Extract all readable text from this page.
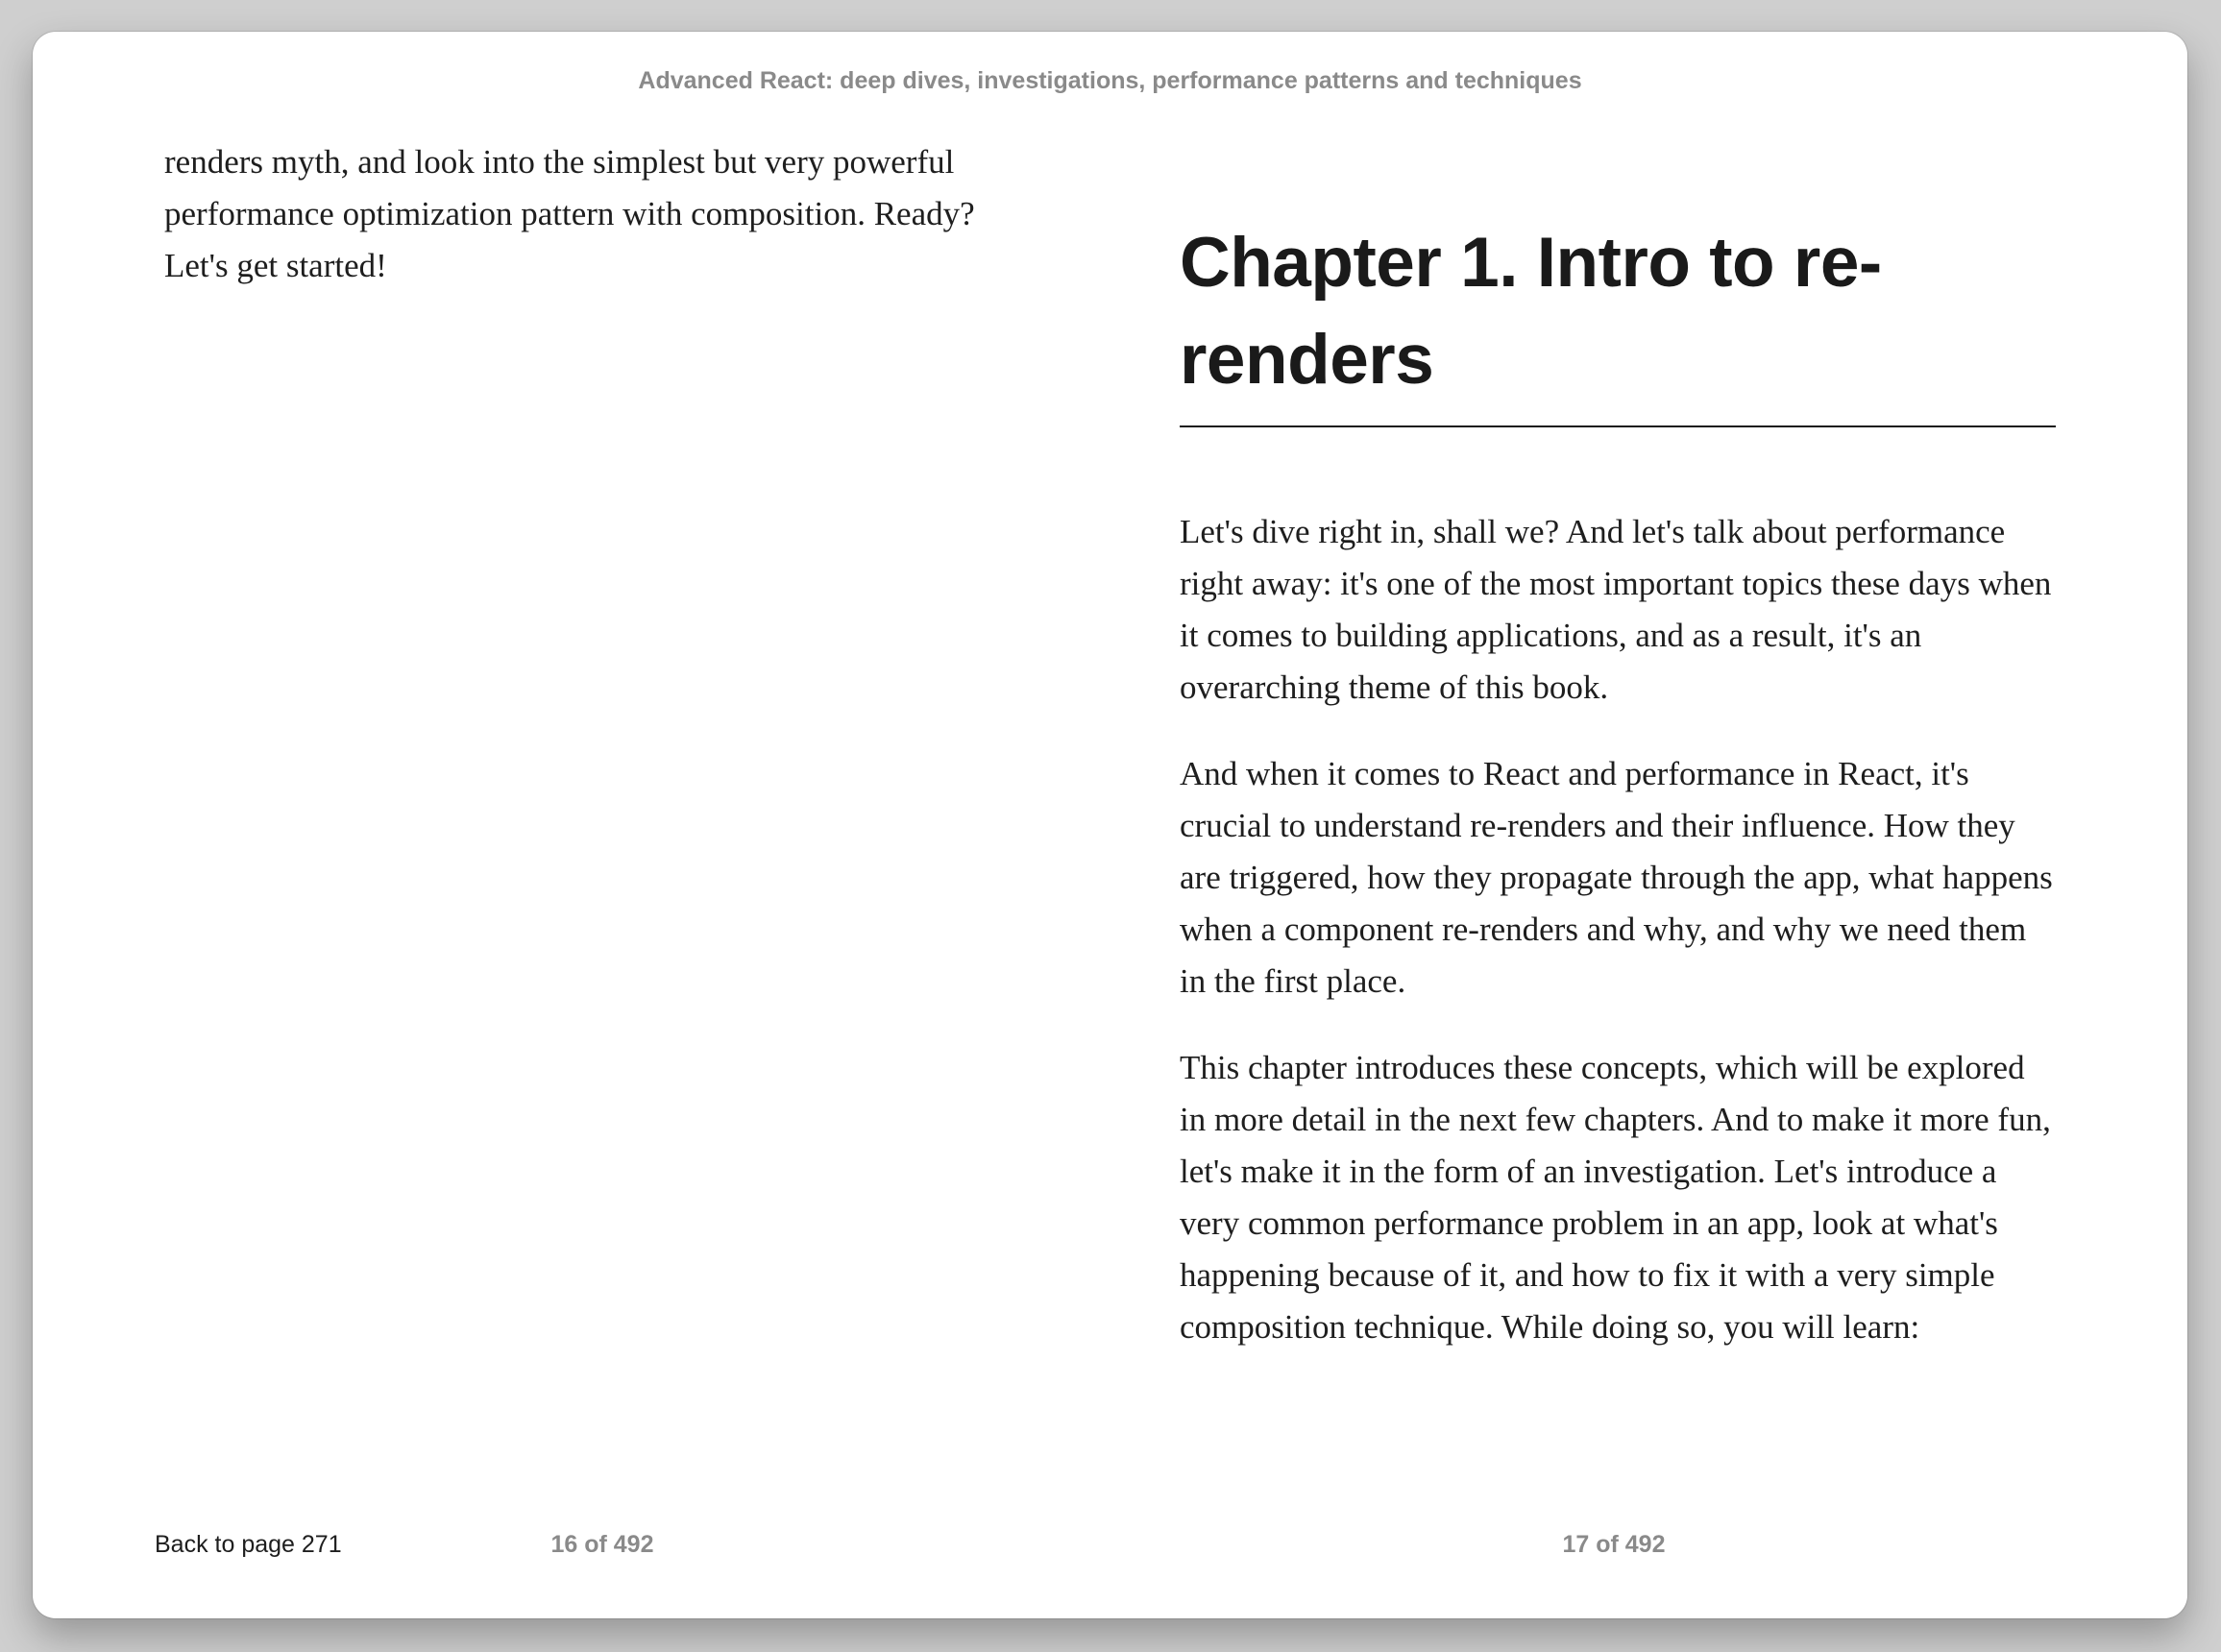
Advanced React: deep dives, investigations, performance patterns and techniques

renders myth, and look into the simplest but very powerful performance optimization pattern with composition. Ready? Let's get started!	Chapter 1. Intro to re-renders

Let's dive right in, shall we? And let's talk about performance right away: it's one of the most important topics these days when it comes to building applications, and as a result, it's an overarching theme of this book.

And when it comes to React and performance in React, it's crucial to understand re-renders and their influence. How they are triggered, how they propagate through the app, what happens when a component re-renders and why, and why we need them in the first place.

This chapter introduces these concepts, which will be explored in more detail in the next few chapters. And to make it more fun, let's make it in the form of an investigation. Let's introduce a very common performance problem in an app, look at what's happening because of it, and how to fix it with a very simple composition technique. While doing so, you will learn:

Back to page 271	16 of 492	17 of 492
